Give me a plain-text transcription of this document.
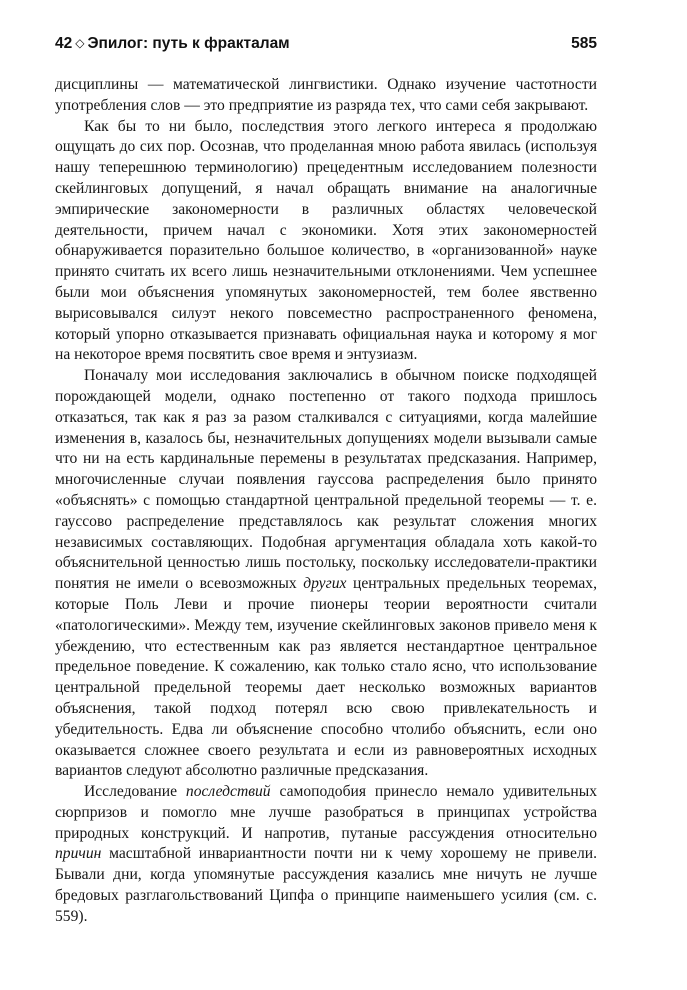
42 ◇ Эпилог: путь к фракталам	585

дисциплины — математической лингвистики. Однако изучение частотности употребления слов — это предприятие из разряда тех, что сами себя закрывают.

Как бы то ни было, последствия этого легкого интереса я продолжаю ощущать до сих пор. Осознав, что проделанная мною работа явилась (используя нашу теперешнюю терминологию) прецедентным исследованием полезности скейлинговых допущений, я начал обращать внимание на аналогичные эмпирические закономерности в различных областях человеческой деятельности, причем начал с экономики. Хотя этих закономерностей обнаруживается поразительно большое количество, в «организованной» науке принято считать их всего лишь незначительными отклонениями. Чем успешнее были мои объяснения упомянутых закономерностей, тем более явственно вырисовывался силуэт некого повсеместно распространенного феномена, который упорно отказывается признавать официальная наука и которому я мог на некоторое время посвятить свое время и энтузиазм.

Поначалу мои исследования заключались в обычном поиске подходящей порождающей модели, однако постепенно от такого подхода пришлось отказаться, так как я раз за разом сталкивался с ситуациями, когда малейшие изменения в, казалось бы, незначительных допущениях модели вызывали самые что ни на есть кардинальные перемены в результатах предсказания. Например, многочисленные случаи появления гауссова распределения было принято «объяснять» с помощью стандартной центральной предельной теоремы — т. е. гауссово распределение представлялось как результат сложения многих независимых составляющих. Подобная аргументация обладала хоть какой-то объяснительной ценностью лишь постольку, поскольку исследователи-практики понятия не имели о всевозможных других центральных предельных теоремах, которые Поль Леви и прочие пионеры теории вероятности считали «патологическими». Между тем, изучение скейлинговых законов привело меня к убеждению, что естественным как раз является нестандартное центральное предельное поведение. К сожалению, как только стало ясно, что использование центральной предельной теоремы дает несколько возможных вариантов объяснения, такой подход потерял всю свою привлекательность и убедительность. Едва ли объяснение способно чтолибо объяснить, если оно оказывается сложнее своего результата и если из равновероятных исходных вариантов следуют абсолютно различные предсказания.

Исследование последствий самоподобия принесло немало удивительных сюрпризов и помогло мне лучше разобраться в принципах устройства природных конструкций. И напротив, путаные рассуждения относительно причин масштабной инвариантности почти ни к чему хорошему не привели. Бывали дни, когда упомянутые рассуждения казались мне ничуть не лучше бредовых разглагольствований Ципфа о принципе наименьшего усилия (см. с. 559).
